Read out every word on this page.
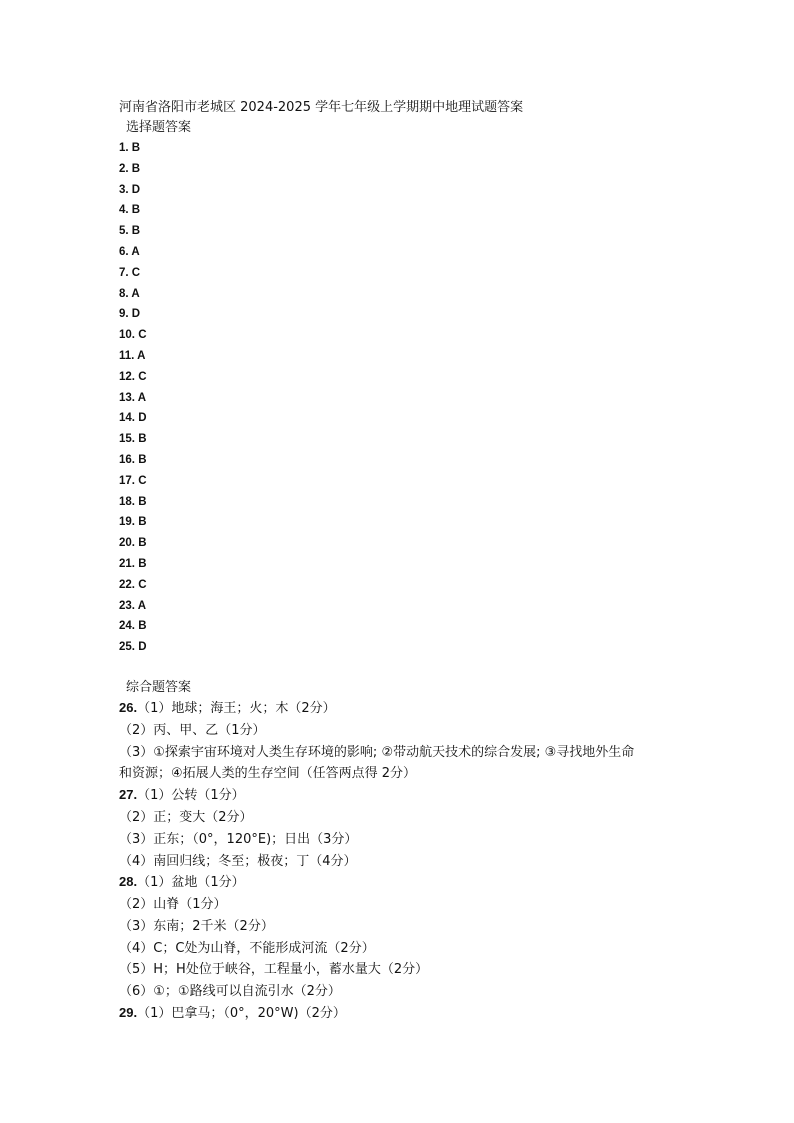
河南省洛阳市老城区 2024-2025 学年七年级上学期期中地理试题答案
选择题答案
1. B
2. B
3. D
4. B
5. B
6. A
7. C
8. A
9. D
10. C
11. A
12. C
13. A
14. D
15. B
16. B
17. C
18. B
19. B
20. B
21. B
22. C
23. A
24. B
25. D
综合题答案
26.（1）地球；海王；火；木（2分）
（2）丙、甲、乙（1分）
（3）①探索宇宙环境对人类生存环境的影响; ②带动航天技术的综合发展; ③寻找地外生命
和资源；④拓展人类的生存空间（任答两点得 2分）
27.（1）公转（1分）
（2）正；变大（2分）
（3）正东；（0°，120°E)；日出（3分）
（4）南回归线；冬至；极夜；丁（4分）
28.（1）盆地（1分）
（2）山脊（1分）
（3）东南；2千米（2分）
（4）C；C处为山脊，不能形成河流（2分）
（5）H；H处位于峡谷，工程量小，蓄水量大（2分）
（6）①；①路线可以自流引水（2分）
29.（1）巴拿马；（0°，20°W)（2分）
